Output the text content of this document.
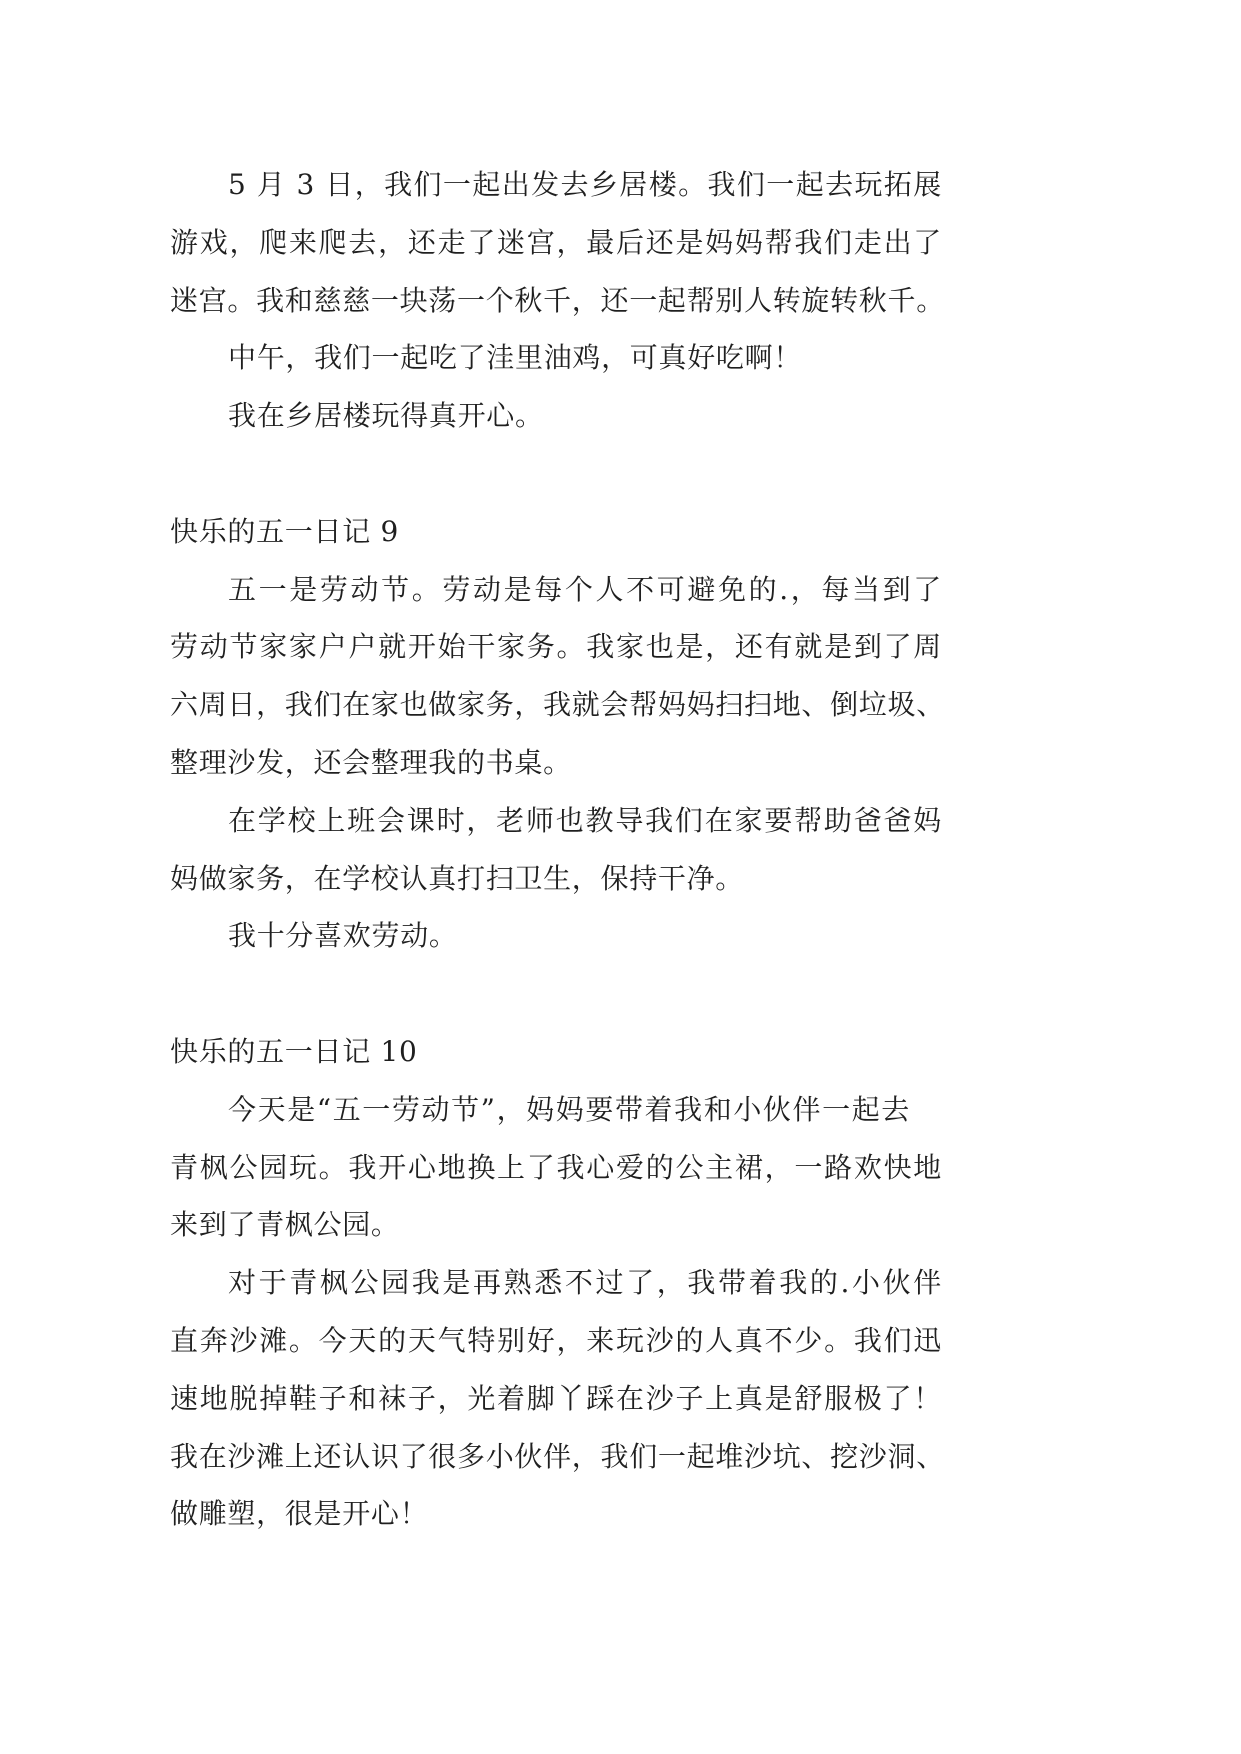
5 月 3 日，我们一起出发去乡居楼。我们一起去玩拓展
游戏，爬来爬去，还走了迷宫，最后还是妈妈帮我们走出了
迷宫。我和慈慈一块荡一个秋千，还一起帮别人转旋转秋千。
中午，我们一起吃了洼里油鸡，可真好吃啊！
我在乡居楼玩得真开心。
快乐的五一日记 9
五一是劳动节。劳动是每个人不可避免的.，每当到了
劳动节家家户户就开始干家务。我家也是，还有就是到了周
六周日，我们在家也做家务，我就会帮妈妈扫扫地、倒垃圾、
整理沙发，还会整理我的书桌。
在学校上班会课时，老师也教导我们在家要帮助爸爸妈
妈做家务，在学校认真打扫卫生，保持干净。
我十分喜欢劳动。
快乐的五一日记 10
今天是“五一劳动节”，妈妈要带着我和小伙伴一起去
青枫公园玩。我开心地换上了我心爱的公主裙，一路欢快地
来到了青枫公园。
对于青枫公园我是再熟悉不过了，我带着我的.小伙伴
直奔沙滩。今天的天气特别好，来玩沙的人真不少。我们迅
速地脱掉鞋子和袜子，光着脚丫踩在沙子上真是舒服极了！
我在沙滩上还认识了很多小伙伴，我们一起堆沙坑、挖沙洞、
做雕塑，很是开心！
